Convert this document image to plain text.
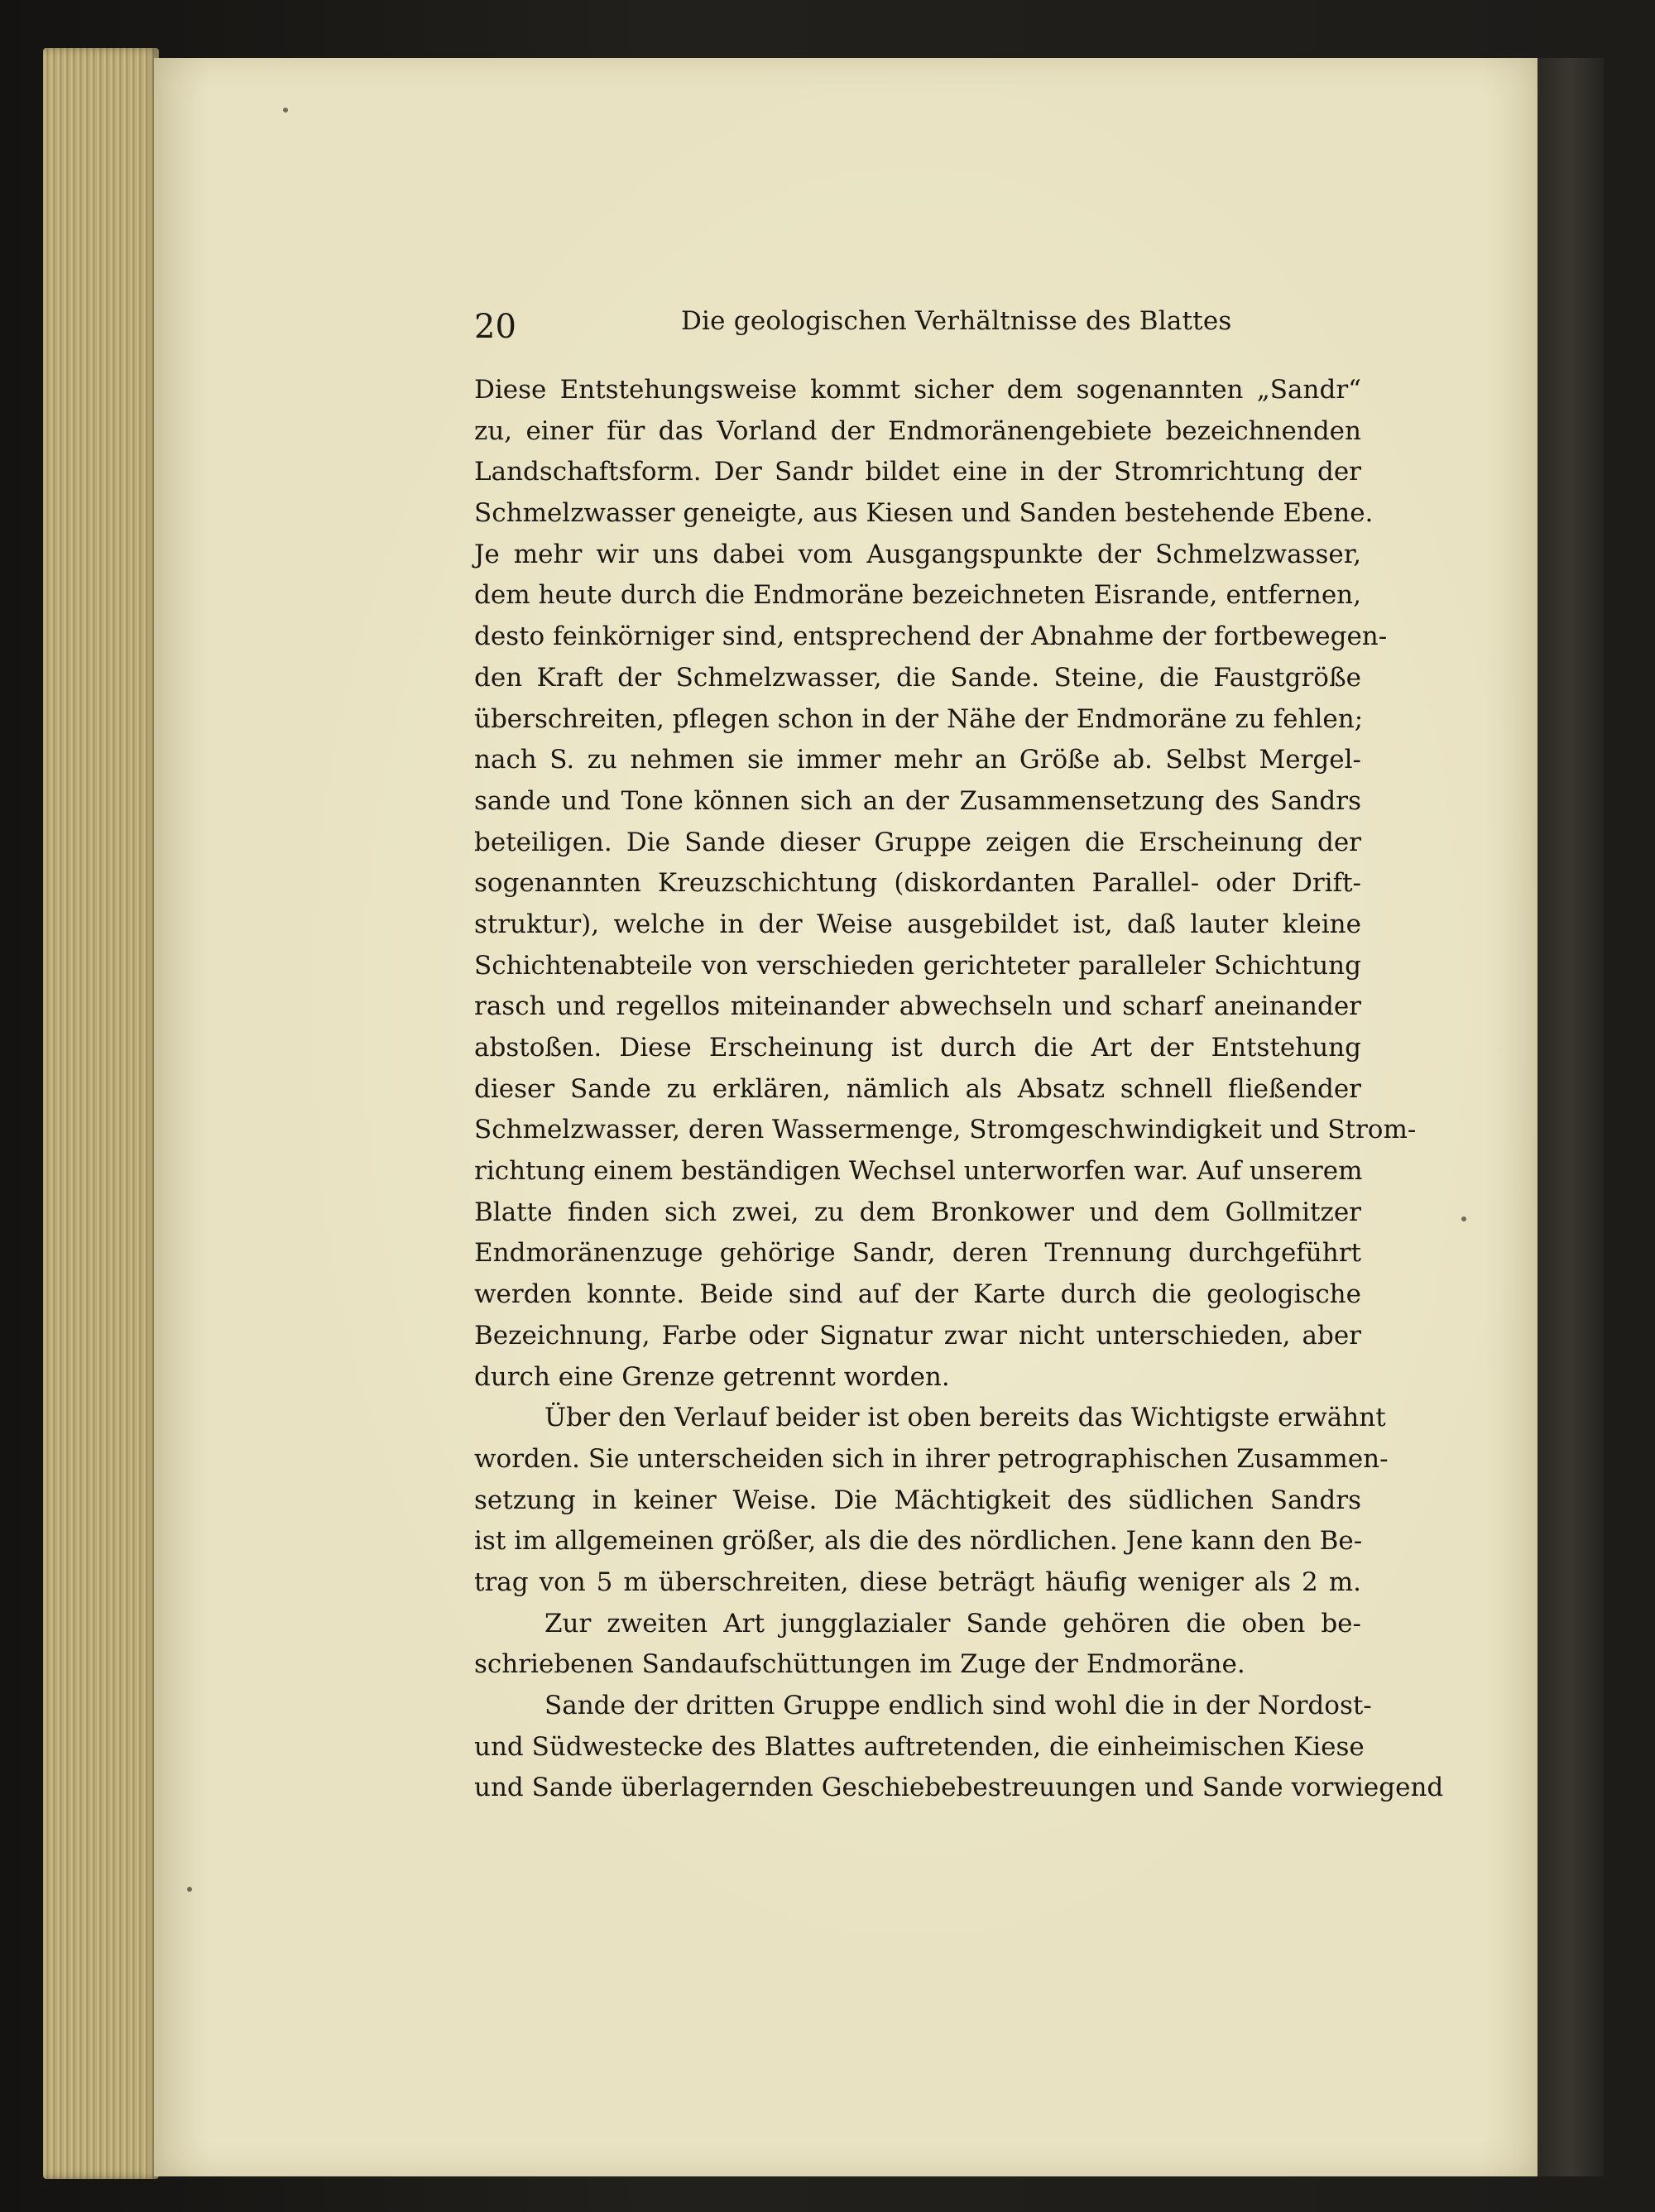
20	Die geologischen Verhältnisse des Blattes
Diese Entstehungsweise kommt sicher dem sogenannten „Sandr“
zu, einer für das Vorland der Endmoränengebiete bezeichnenden
Landschaftsform. Der Sandr bildet eine in der Stromrichtung der
Schmelzwasser geneigte, aus Kiesen und Sanden bestehende Ebene.
Je mehr wir uns dabei vom Ausgangspunkte der Schmelzwasser,
dem heute durch die Endmoräne bezeichneten Eisrande, entfernen,
desto feinkörniger sind, entsprechend der Abnahme der fortbewegen-
den Kraft der Schmelzwasser, die Sande. Steine, die Faustgröße
überschreiten, pflegen schon in der Nähe der Endmoräne zu fehlen;
nach S. zu nehmen sie immer mehr an Größe ab. Selbst Mergel-
sande und Tone können sich an der Zusammensetzung des Sandrs
beteiligen. Die Sande dieser Gruppe zeigen die Erscheinung der
sogenannten Kreuzschichtung (diskordanten Parallel- oder Drift-
struktur), welche in der Weise ausgebildet ist, daß lauter kleine
Schichtenabteile von verschieden gerichteter paralleler Schichtung
rasch und regellos miteinander abwechseln und scharf aneinander
abstoßen. Diese Erscheinung ist durch die Art der Entstehung
dieser Sande zu erklären, nämlich als Absatz schnell fließender
Schmelzwasser, deren Wassermenge, Stromgeschwindigkeit und Strom-
richtung einem beständigen Wechsel unterworfen war. Auf unserem
Blatte finden sich zwei, zu dem Bronkower und dem Gollmitzer
Endmoränenzuge gehörige Sandr, deren Trennung durchgeführt
werden konnte. Beide sind auf der Karte durch die geologische
Bezeichnung, Farbe oder Signatur zwar nicht unterschieden, aber
durch eine Grenze getrennt worden.
Über den Verlauf beider ist oben bereits das Wichtigste erwähnt
worden. Sie unterscheiden sich in ihrer petrographischen Zusammen-
setzung in keiner Weise. Die Mächtigkeit des südlichen Sandrs
ist im allgemeinen größer, als die des nördlichen. Jene kann den Be-
trag von 5 m überschreiten, diese beträgt häufig weniger als 2 m.
Zur zweiten Art jungglazialer Sande gehören die oben be-
schriebenen Sandaufschüttungen im Zuge der Endmoräne.
Sande der dritten Gruppe endlich sind wohl die in der Nordost-
und Südwestecke des Blattes auftretenden, die einheimischen Kiese
und Sande überlagernden Geschiebebestreuungen und Sande vorwiegend
